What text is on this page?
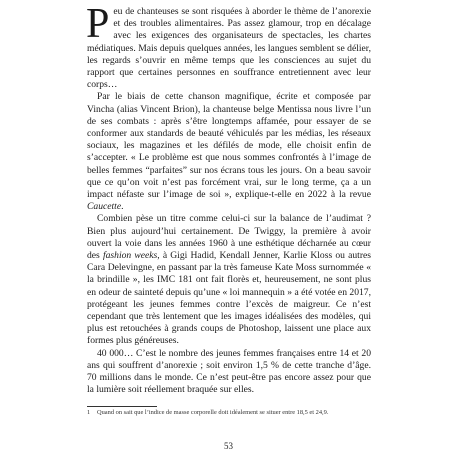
Peu de chanteuses se sont risquées à aborder le thème de l’anorexie et des troubles alimentaires. Pas assez glamour, trop en décalage avec les exigences des organisateurs de spectacles, les chartes médiatiques. Mais depuis quelques années, les langues semblent se délier, les regards s’ouvrir en même temps que les consciences au sujet du rapport que certaines personnes en souffrance entretiennent avec leur corps…

Par le biais de cette chanson magnifique, écrite et composée par Vincha (alias Vincent Brion), la chanteuse belge Mentissa nous livre l’un de ses combats : après s’être longtemps affamée, pour essayer de se conformer aux standards de beauté véhiculés par les médias, les réseaux sociaux, les magazines et les défilés de mode, elle choisit enfin de s’accepter. « Le problème est que nous sommes confrontés à l’image de belles femmes “parfaites” sur nos écrans tous les jours. On a beau savoir que ce qu’on voit n’est pas forcément vrai, sur le long terme, ça a un impact néfaste sur l’image de soi », explique-t-elle en 2022 à la revue Caucette.

Combien pèse un titre comme celui-ci sur la balance de l’audimat ? Bien plus aujourd’hui certainement. De Twiggy, la première à avoir ouvert la voie dans les années 1960 à une esthétique décharnée au cœur des fashion weeks, à Gigi Hadid, Kendall Jenner, Karlie Kloss ou autres Cara Delevingne, en passant par la très fameuse Kate Moss surnommée « la brindille », les IMC 181 ont fait florès et, heureusement, ne sont plus en odeur de sainteté depuis qu’une « loi mannequin » a été votée en 2017, protégeant les jeunes femmes contre l’excès de maigreur. Ce n’est cependant que très lentement que les images idéalisées des modèles, qui plus est retouchées à grands coups de Photoshop, laissent une place aux formes plus généreuses.

40 000… C’est le nombre des jeunes femmes françaises entre 14 et 20 ans qui souffrent d’anorexie ; soit environ 1,5 % de cette tranche d’âge. 70 millions dans le monde. Ce n’est peut-être pas encore assez pour que la lumière soit réellement braquée sur elles.

1 Quand on sait que l’indice de masse corporelle doit idéalement se situer entre 18,5 et 24,9.
53
